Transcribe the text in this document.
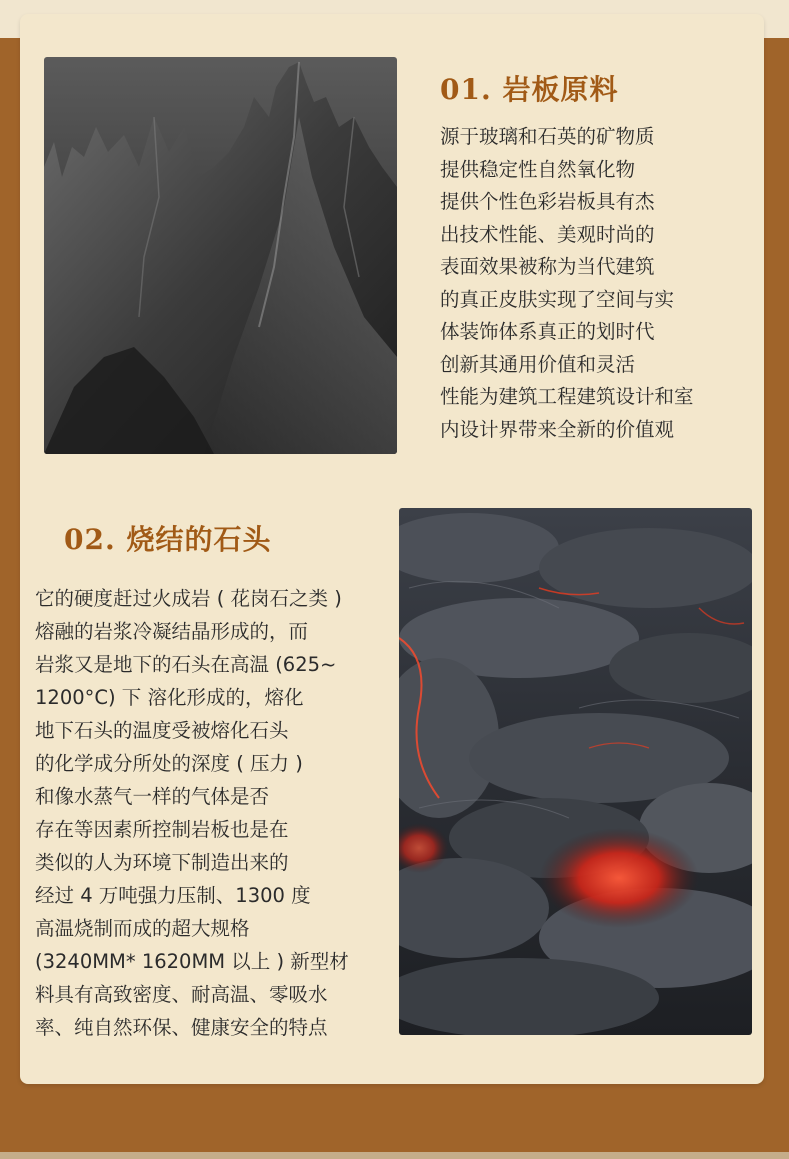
01. 岩板原料
源于玻璃和石英的矿物质
提供稳定性自然氧化物
提供个性色彩岩板具有杰
出技术性能、美观时尚的
表面效果被称为当代建筑
的真正皮肤实现了空间与实
体装饰体系真正的划时代
创新其通用价值和灵活
性能为建筑工程建筑设计和室
内设计界带来全新的价值观
02. 烧结的石头
它的硬度赶过火成岩 ( 花岗石之类 )
熔融的岩浆冷凝结晶形成的，而
岩浆又是地下的石头在高温 (625~
1200°C) 下 溶化形成的，熔化
地下石头的温度受被熔化石头
的化学成分所处的深度 ( 压力 )
和像水蒸气一样的气体是否
存在等因素所控制岩板也是在
类似的人为环境下制造出来的
经过 4 万吨强力压制、1300 度
高温烧制而成的超大规格
(3240MM* 1620MM 以上 ) 新型材
料具有高致密度、耐高温、零吸水
率、纯自然环保、健康安全的特点
